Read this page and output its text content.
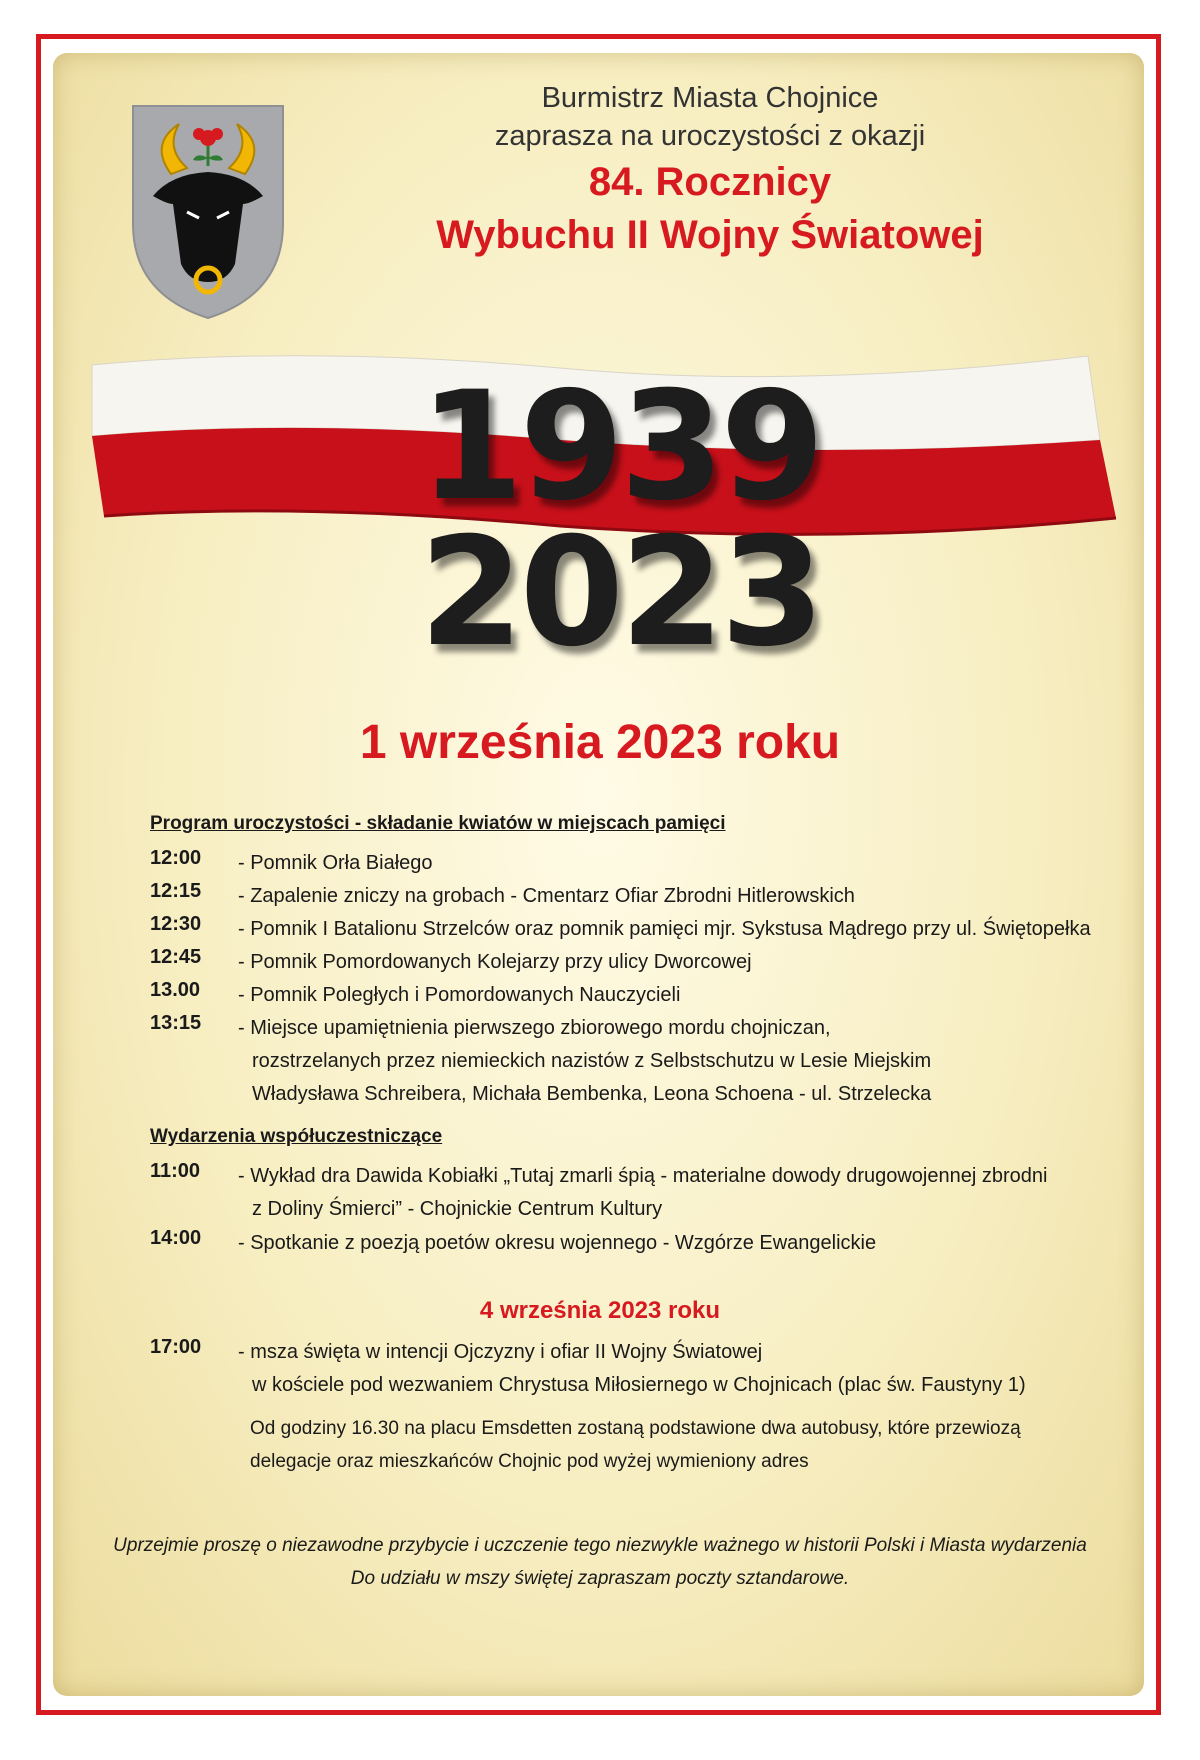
Burmistrz Miasta Chojnice
zaprasza na uroczystości z okazji
84. Rocznicy
Wybuchu II Wojny Światowej
1939
2023
1 września 2023 roku
Program uroczystości - składanie kwiatów w miejscach pamięci
12:00 - Pomnik Orła Białego
12:15 - Zapalenie zniczy na grobach - Cmentarz Ofiar Zbrodni Hitlerowskich
12:30 - Pomnik I Batalionu Strzelców oraz pomnik pamięci mjr. Sykstusa Mądrego przy ul. Świętopełka
12:45 - Pomnik Pomordowanych Kolejarzy przy ulicy Dworcowej
13.00 - Pomnik Poległych i Pomordowanych Nauczycieli
13:15 - Miejsce upamiętnienia pierwszego zbiorowego mordu chojniczan,
rozstrzelanych przez niemieckich nazistów z Selbstschutzu w Lesie Miejskim
Władysława Schreibera, Michała Bembenka, Leona Schoena - ul. Strzelecka
Wydarzenia współuczestniczące
11:00 - Wykład dra Dawida Kobiałki „Tutaj zmarli śpią - materialne dowody drugowojennej zbrodni
z Doliny Śmierci” - Chojnickie Centrum Kultury
14:00 - Spotkanie z poezją poetów okresu wojennego - Wzgórze Ewangelickie
4 września 2023 roku
17:00 - msza święta w intencji Ojczyzny i ofiar II Wojny Światowej
w kościele pod wezwaniem Chrystusa Miłosiernego w Chojnicach (plac św. Faustyny 1)
Od godziny 16.30 na placu Emsdetten zostaną podstawione dwa autobusy, które przewiozą
delegacje oraz mieszkańców Chojnic pod wyżej wymieniony adres
Uprzejmie proszę o niezawodne przybycie i uczczenie tego niezwykle ważnego w historii Polski i Miasta wydarzenia
Do udziału w mszy świętej zapraszam poczty sztandarowe.
